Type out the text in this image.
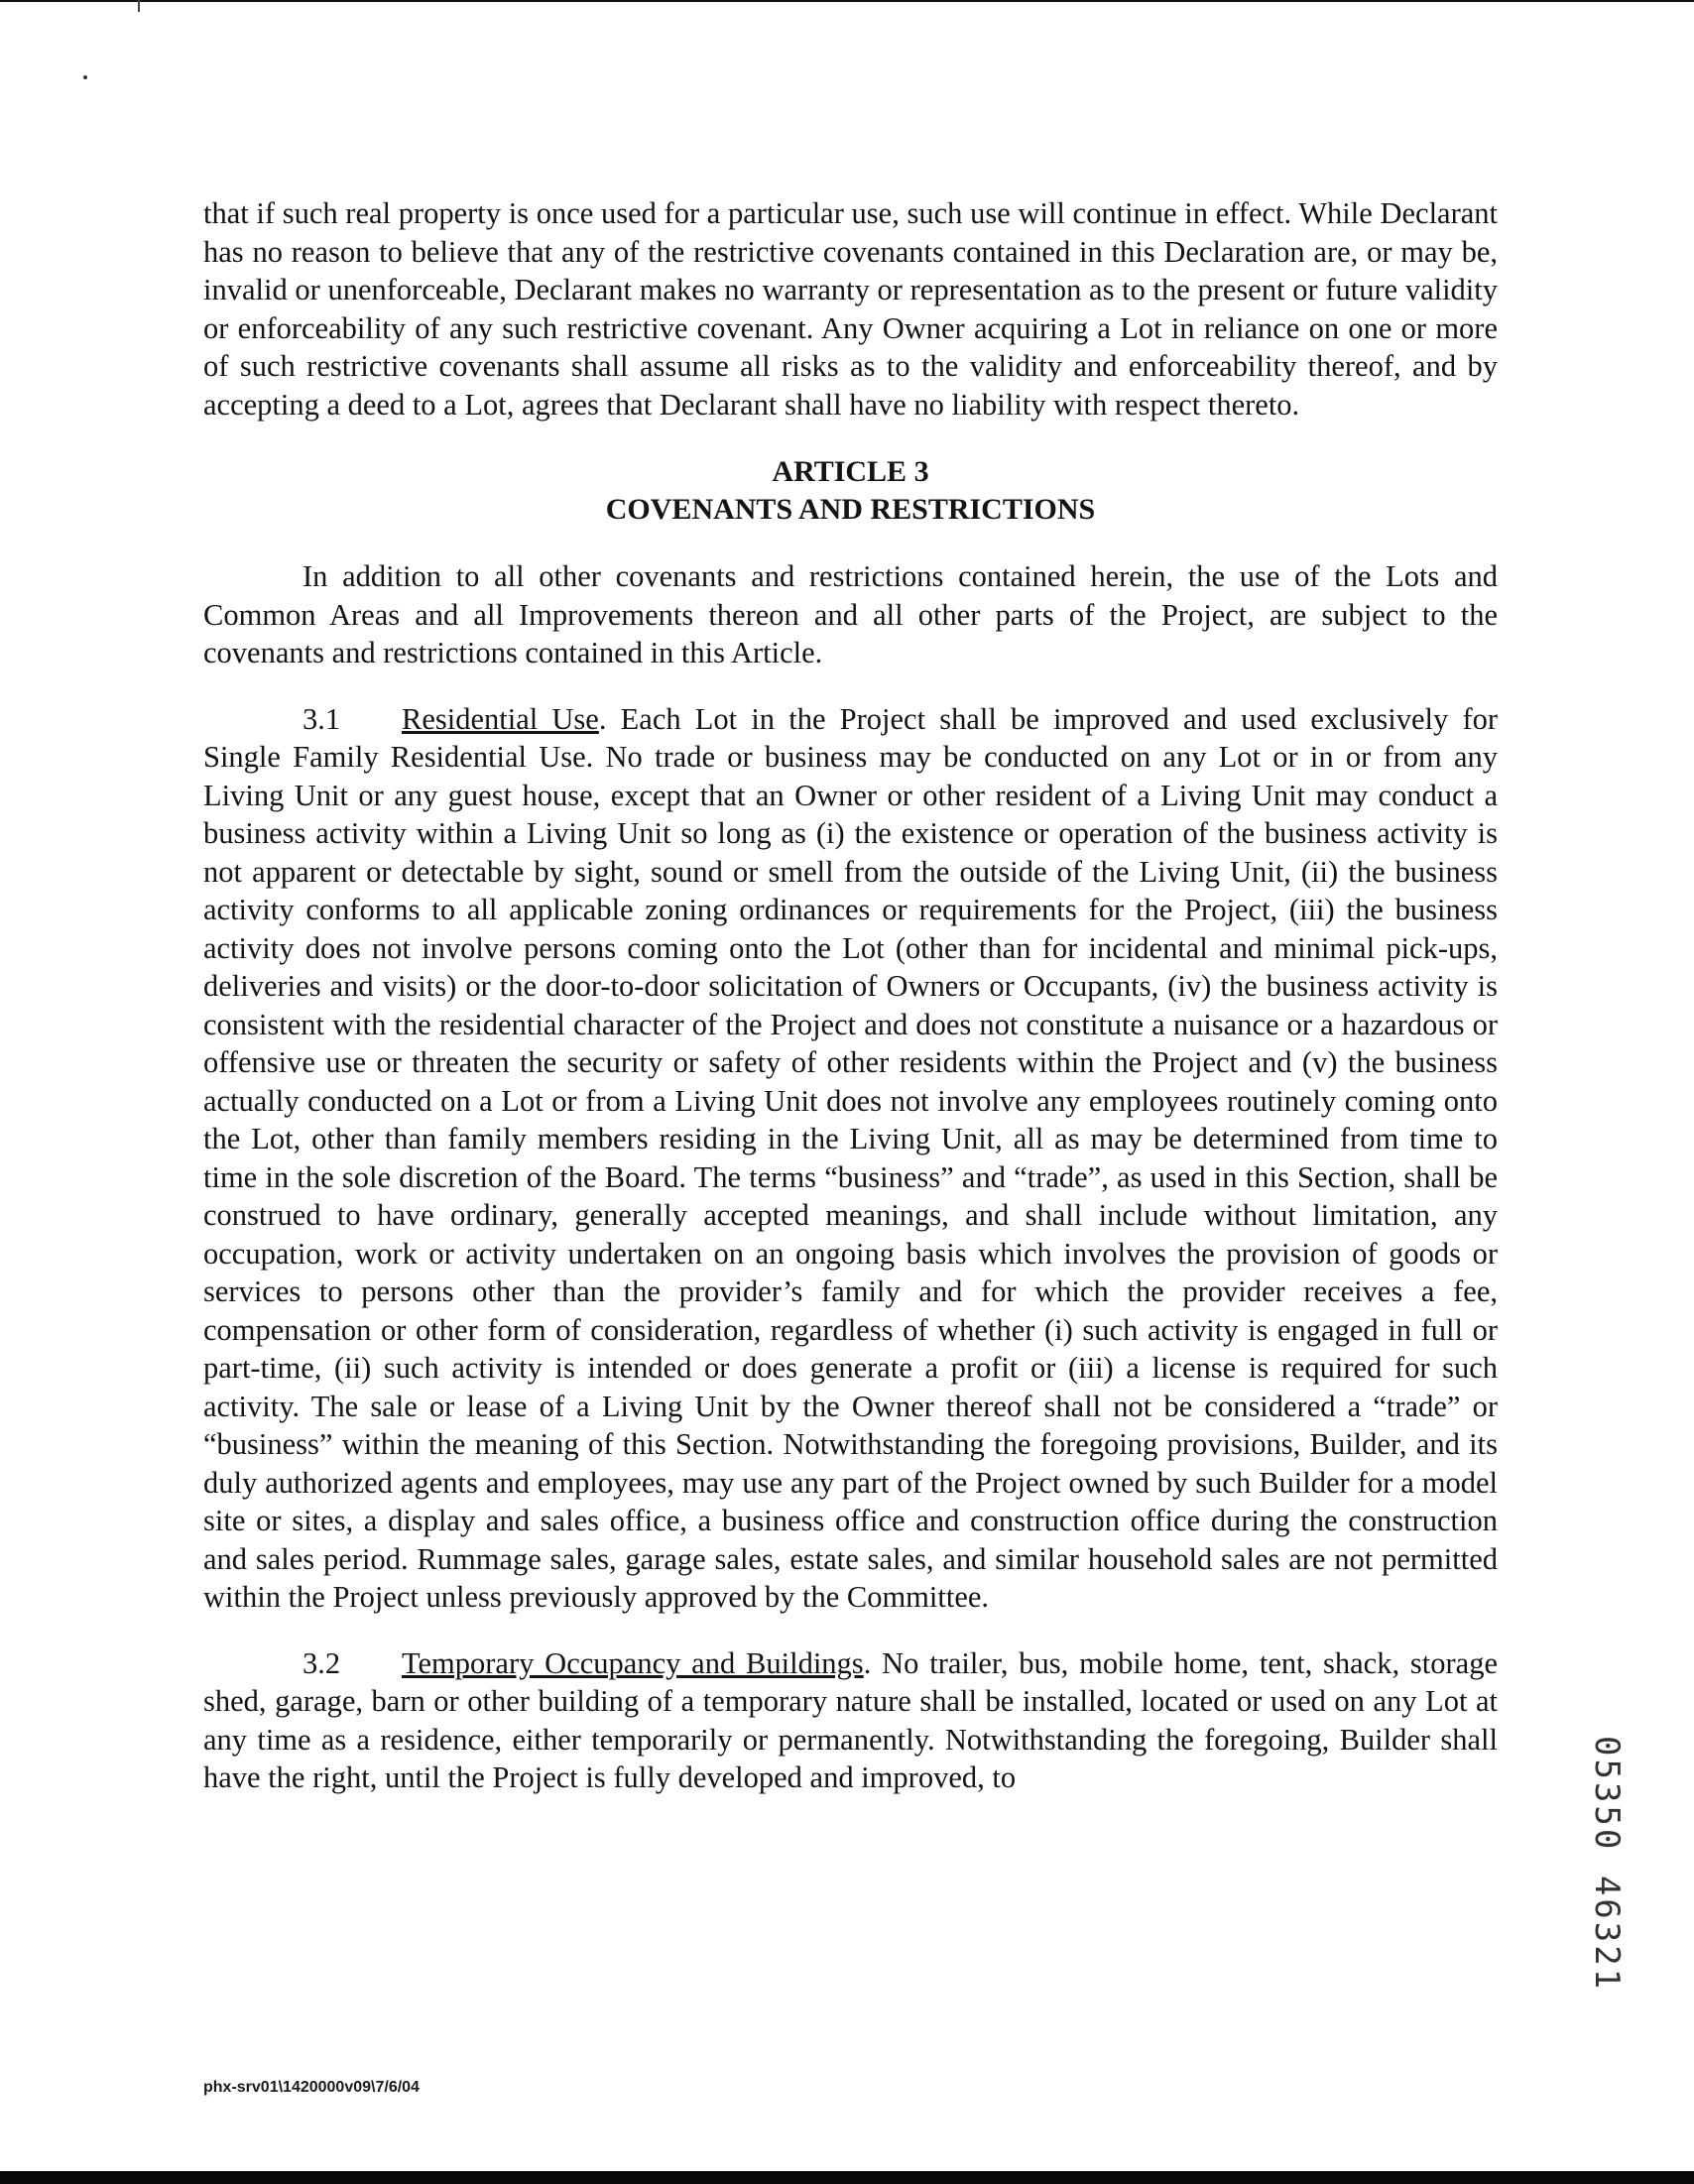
that if such real property is once used for a particular use, such use will continue in effect. While Declarant has no reason to believe that any of the restrictive covenants contained in this Declaration are, or may be, invalid or unenforceable, Declarant makes no warranty or representation as to the present or future validity or enforceability of any such restrictive covenant. Any Owner acquiring a Lot in reliance on one or more of such restrictive covenants shall assume all risks as to the validity and enforceability thereof, and by accepting a deed to a Lot, agrees that Declarant shall have no liability with respect thereto.

ARTICLE 3

COVENANTS AND RESTRICTIONS

In addition to all other covenants and restrictions contained herein, the use of the Lots and Common Areas and all Improvements thereon and all other parts of the Project, are subject to the covenants and restrictions contained in this Article.

3.1 Residential Use. Each Lot in the Project shall be improved and used exclusively for Single Family Residential Use. No trade or business may be conducted on any Lot or in or from any Living Unit or any guest house, except that an Owner or other resident of a Living Unit may conduct a business activity within a Living Unit so long as (i) the existence or operation of the business activity is not apparent or detectable by sight, sound or smell from the outside of the Living Unit, (ii) the business activity conforms to all applicable zoning ordinances or requirements for the Project, (iii) the business activity does not involve persons coming onto the Lot (other than for incidental and minimal pick-ups, deliveries and visits) or the door-to-door solicitation of Owners or Occupants, (iv) the business activity is consistent with the residential character of the Project and does not constitute a nuisance or a hazardous or offensive use or threaten the security or safety of other residents within the Project and (v) the business actually conducted on a Lot or from a Living Unit does not involve any employees routinely coming onto the Lot, other than family members residing in the Living Unit, all as may be determined from time to time in the sole discretion of the Board. The terms “business” and “trade”, as used in this Section, shall be construed to have ordinary, generally accepted meanings, and shall include without limitation, any occupation, work or activity undertaken on an ongoing basis which involves the provision of goods or services to persons other than the provider’s family and for which the provider receives a fee, compensation or other form of consideration, regardless of whether (i) such activity is engaged in full or part-time, (ii) such activity is intended or does generate a profit or (iii) a license is required for such activity. The sale or lease of a Living Unit by the Owner thereof shall not be considered a “trade” or “business” within the meaning of this Section. Notwithstanding the foregoing provisions, Builder, and its duly authorized agents and employees, may use any part of the Project owned by such Builder for a model site or sites, a display and sales office, a business office and construction office during the construction and sales period. Rummage sales, garage sales, estate sales, and similar household sales are not permitted within the Project unless previously approved by the Committee.

3.2 Temporary Occupancy and Buildings. No trailer, bus, mobile home, tent, shack, storage shed, garage, barn or other building of a temporary nature shall be installed, located or used on any Lot at any time as a residence, either temporarily or permanently. Notwithstanding the foregoing, Builder shall have the right, until the Project is fully developed and improved, to	05350 46321
phx-srv01\1420000v09\7/6/04
